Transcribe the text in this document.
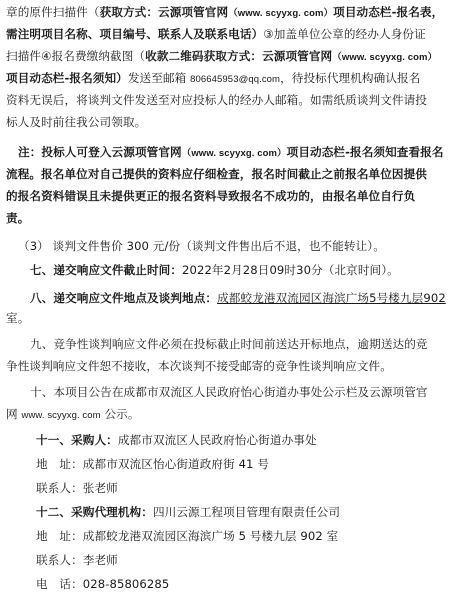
章的原件扫描件（获取方式：云源项管官网（www. scyyxg. com）项目动态栏-报名表，
需注明项目名称、项目编号、联系人及联系电话）③加盖单位公章的经办人身份证
扫描件④报名费缴纳截图（收款二维码获取方式：云源项管官网（www. scyyxg. com）
项目动态栏-报名须知）发送至邮箱 806645953@qq.com，待投标代理机构确认报名
资料无误后，将谈判文件发送至对应投标人的经办人邮箱。如需纸质谈判文件请投
标人及时前往我公司领取。
注：投标人可登入云源项管官网（www. scyyxg. com）项目动态栏-报名须知查看报名
流程。报名单位对自己提供的资料应仔细检查，报名时间截止之前报名单位因提供
的报名资料错误且未提供更正的报名资料导致报名不成功的，由报名单位自行负
责。
（3） 谈判文件售价 300 元/份（谈判文件售出后不退，也不能转让）。
七、递交响应文件截止时间：2022年2月28日09时30分（北京时间）。
八、递交响应文件地点及谈判地点：成都蛟龙港双流园区海滨广场5号楼九层902
室。
九、竞争性谈判响应文件必须在投标截止时间前送达开标地点，逾期送达的竞
争性谈判响应文件恕不接收，本次谈判不接受邮寄的竞争性谈判响应文件。
十、本项目公告在成都市双流区人民政府怡心街道办事处公示栏及云源项管官
网 www. scyyxg. com 公示。
十一、采购人：成都市双流区人民政府怡心街道办事处
地　址：成都市双流区怡心街道政府街 41 号
联系人：张老师
十二、采购代理机构：四川云源工程项目管理有限责任公司
地　址：成都蛟龙港双流园区海滨广场 5 号楼九层 902 室
联系人：李老师
电　话：028-85806285
